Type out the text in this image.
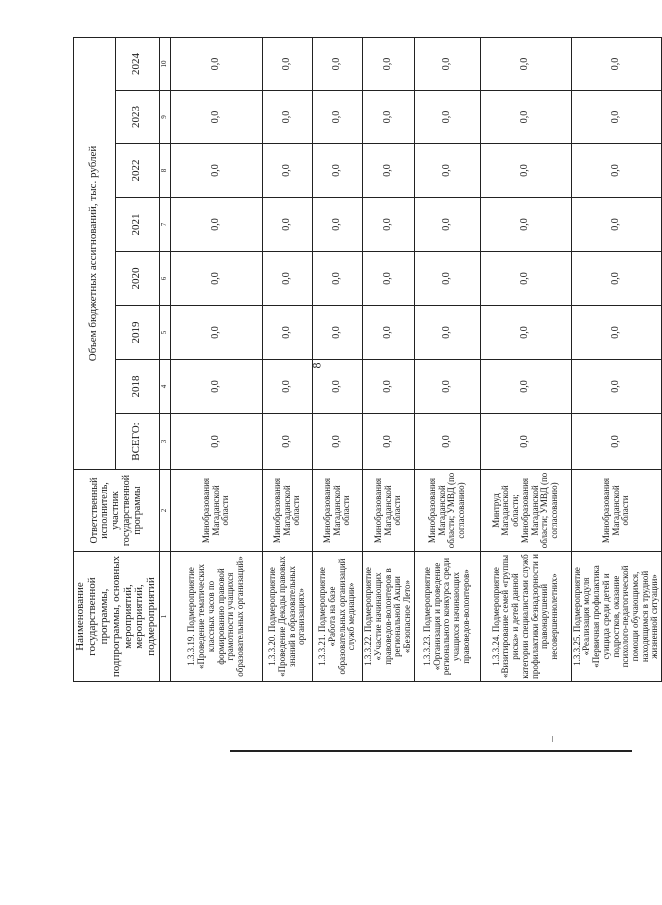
8
Наименование государственной программы, подпрограммы, основных мероприятий, мероприятий, подмероприятий	Ответственный исполнитель, участник государственной программы	Объем бюджетных ассигнований, тыс. рублей							
		ВСЕГО:	2018	2019	2020	2021	2022	2023	2024
1	2	3	4	5	6	7	8	9	10
1.3.3.19. Подмероприятие «Проведение тематических классных часов по формированию правовой грамотности учащихся образовательных организаций»	Минобразования Магаданской области	0,0	0,0	0,0	0,0	0,0	0,0	0,0	0,0
1.3.3.20. Подмероприятие «Проведение Декады правовых знаний в образовательных организациях»	Минобразования Магаданской области	0,0	0,0	0,0	0,0	0,0	0,0	0,0	0,0
1.3.3.21. Подмероприятие «Работа на базе образовательных организаций служб медиации»	Минобразования Магаданской области	0,0	0,0	0,0	0,0	0,0	0,0	0,0	0,0
1.3.3.22. Подмероприятие «Участие начинающих правоведов-волонтеров в региональной Акции «Безопасное Лето»	Минобразования Магаданской области	0,0	0,0	0,0	0,0	0,0	0,0	0,0	0,0
1.3.3.23. Подмероприятие «Организация и проведение регионального конкурса среди учащихся начинающих правоведов-волонтеров»	Минобразования Магаданской области; УМВД (по согласованию)	0,0	0,0	0,0	0,0	0,0	0,0	0,0	0,0
1.3.3.24. Подмероприятие «Визитирование семей «группы риска» и детей данной категории специалистами служб профилактики безнадзорности и правонарушений несовершеннолетних»	Минтруд Магаданской области; Минобразования Магаданской области; УМВД (по согласованию)	0,0	0,0	0,0	0,0	0,0	0,0	0,0	0,0
1.3.3.25. Подмероприятие «Реализация модуля «Первичная профилактика суицида среди детей и подростков, оказание психолого-педагогической помощи обучающимся, находящимся в трудной жизненной ситуации»	Минобразования Магаданской области	0,0	0,0	0,0	0,0	0,0	0,0	0,0	0,0
